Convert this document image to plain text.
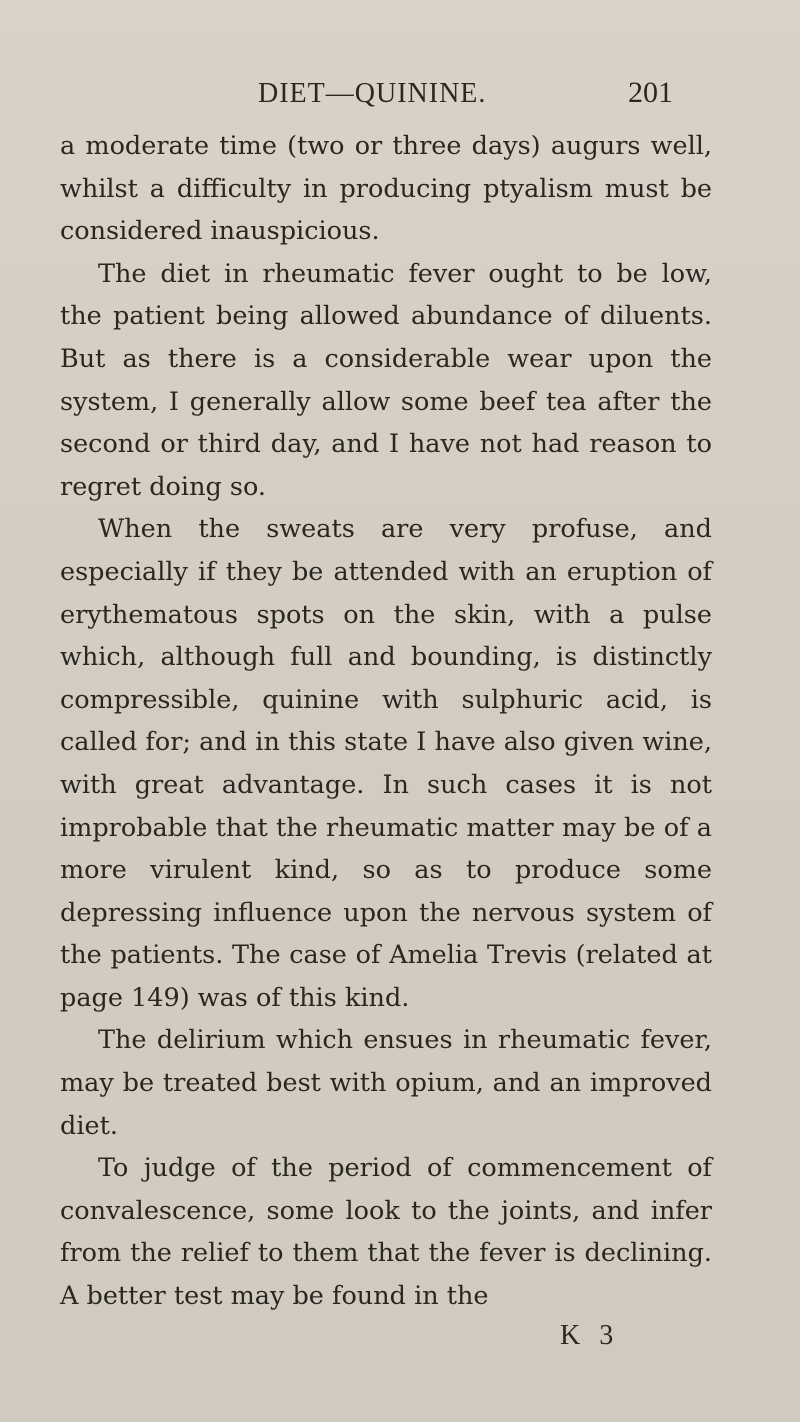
DIET—QUININE.	201

a moderate time (two or three days) augurs well, whilst a difficulty in producing ptyalism must be considered inauspicious.

The diet in rheumatic fever ought to be low, the patient being allowed abundance of diluents. But as there is a considerable wear upon the system, I generally allow some beef tea after the second or third day, and I have not had reason to regret doing so.

When the sweats are very profuse, and especially if they be attended with an eruption of erythematous spots on the skin, with a pulse which, although full and bounding, is distinctly compressible, quinine with sulphuric acid, is called for; and in this state I have also given wine, with great advantage. In such cases it is not improbable that the rheumatic matter may be of a more virulent kind, so as to produce some depressing influence upon the nervous system of the patients. The case of Amelia Trevis (related at page 149) was of this kind.

The delirium which ensues in rheumatic fever, may be treated best with opium, and an improved diet.

To judge of the period of commencement of convalescence, some look to the joints, and infer from the relief to them that the fever is declining. A better test may be found in the

K 3
